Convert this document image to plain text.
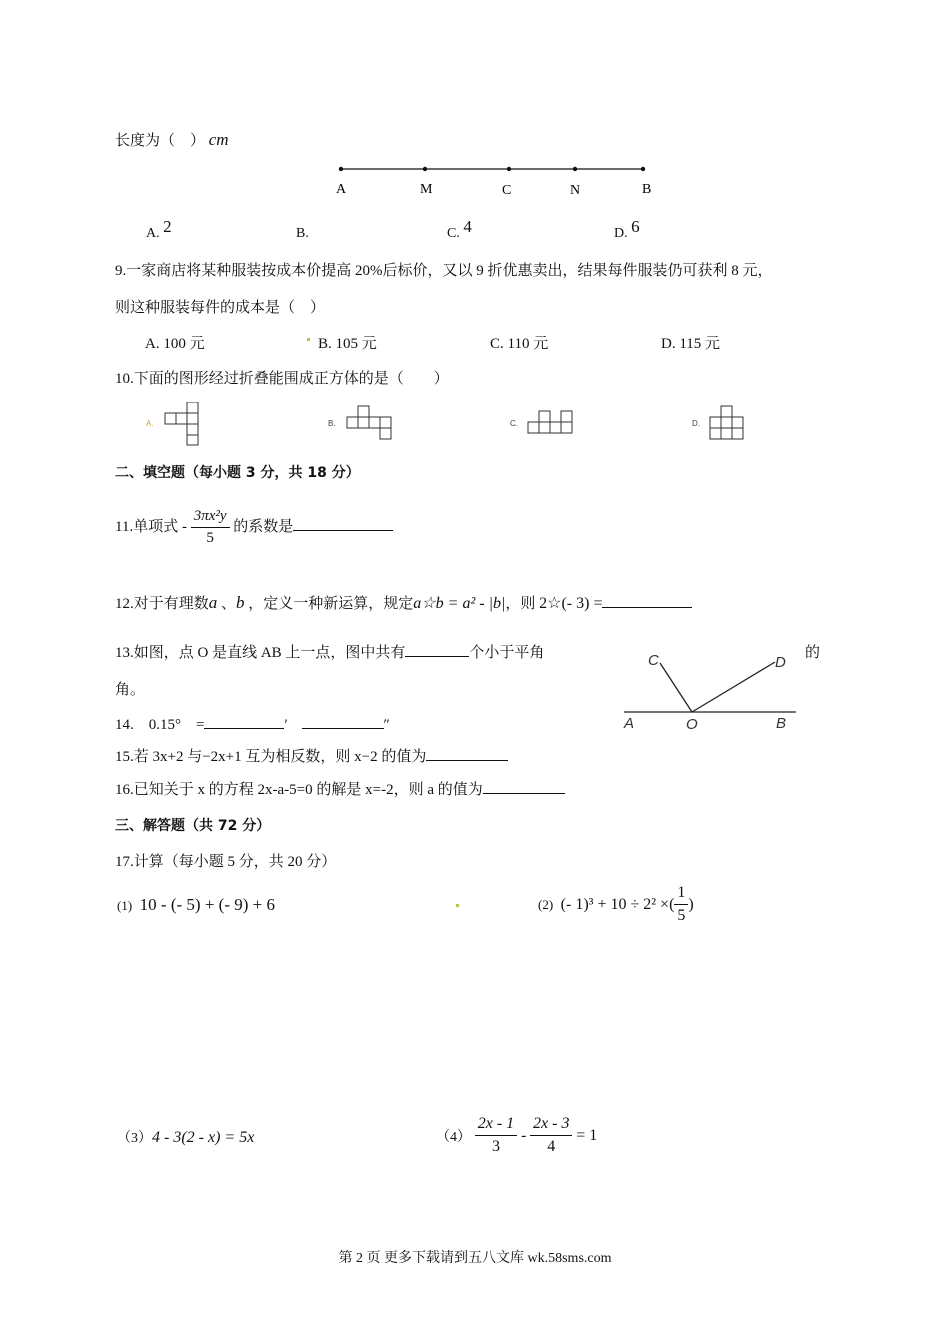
长度为（　） cm
A	M	C	N	B
A. 2	B.	C. 4	D. 6
9.一家商店将某种服装按成本价提高 20%后标价，又以 9 折优惠卖出，结果每件服装仍可获利 8 元，
则这种服装每件的成本是（　）
A. 100 元	B. 105 元	C. 110 元	D. 115 元
10.下面的图形经过折叠能围成正方体的是（　　）
A.	B.	C.	D.
二、填空题（每小题 3 分，共 18 分）
11.单项式 - $\frac{\text{3πx²y}}{5}$ 的系数是
12.对于有理数a 、b ，定义一种新运算，规定a☆b = a² - |b|，则 2☆(- 3) =
13.如图，点 O 是直线 AB 上一点，图中共有	个小于平角	的
角。
C	D
A	O	B
14.　0.15°　=	′	″
15.若 3x+2 与−2x+1 互为相反数，则 x−2 的值为
16.已知关于 x 的方程 2x-a-5=0 的解是 x=-2，则 a 的值为
三、解答题（共 72 分）
17.计算（每小题 5 分，共 20 分）
(1) 10 - (- 5) + (- 9) + 6	(2) (- 1)³ + 10 ÷ 2² ×( $\frac{1}{5}$ )
（3）4 - 3(2 - x) = 5x	$(4) \frac{2x - 1}{3} - \frac{2x - 3}{4} = 1$
第 2 页 更多下载请到五八文库 wk.58sms.com
